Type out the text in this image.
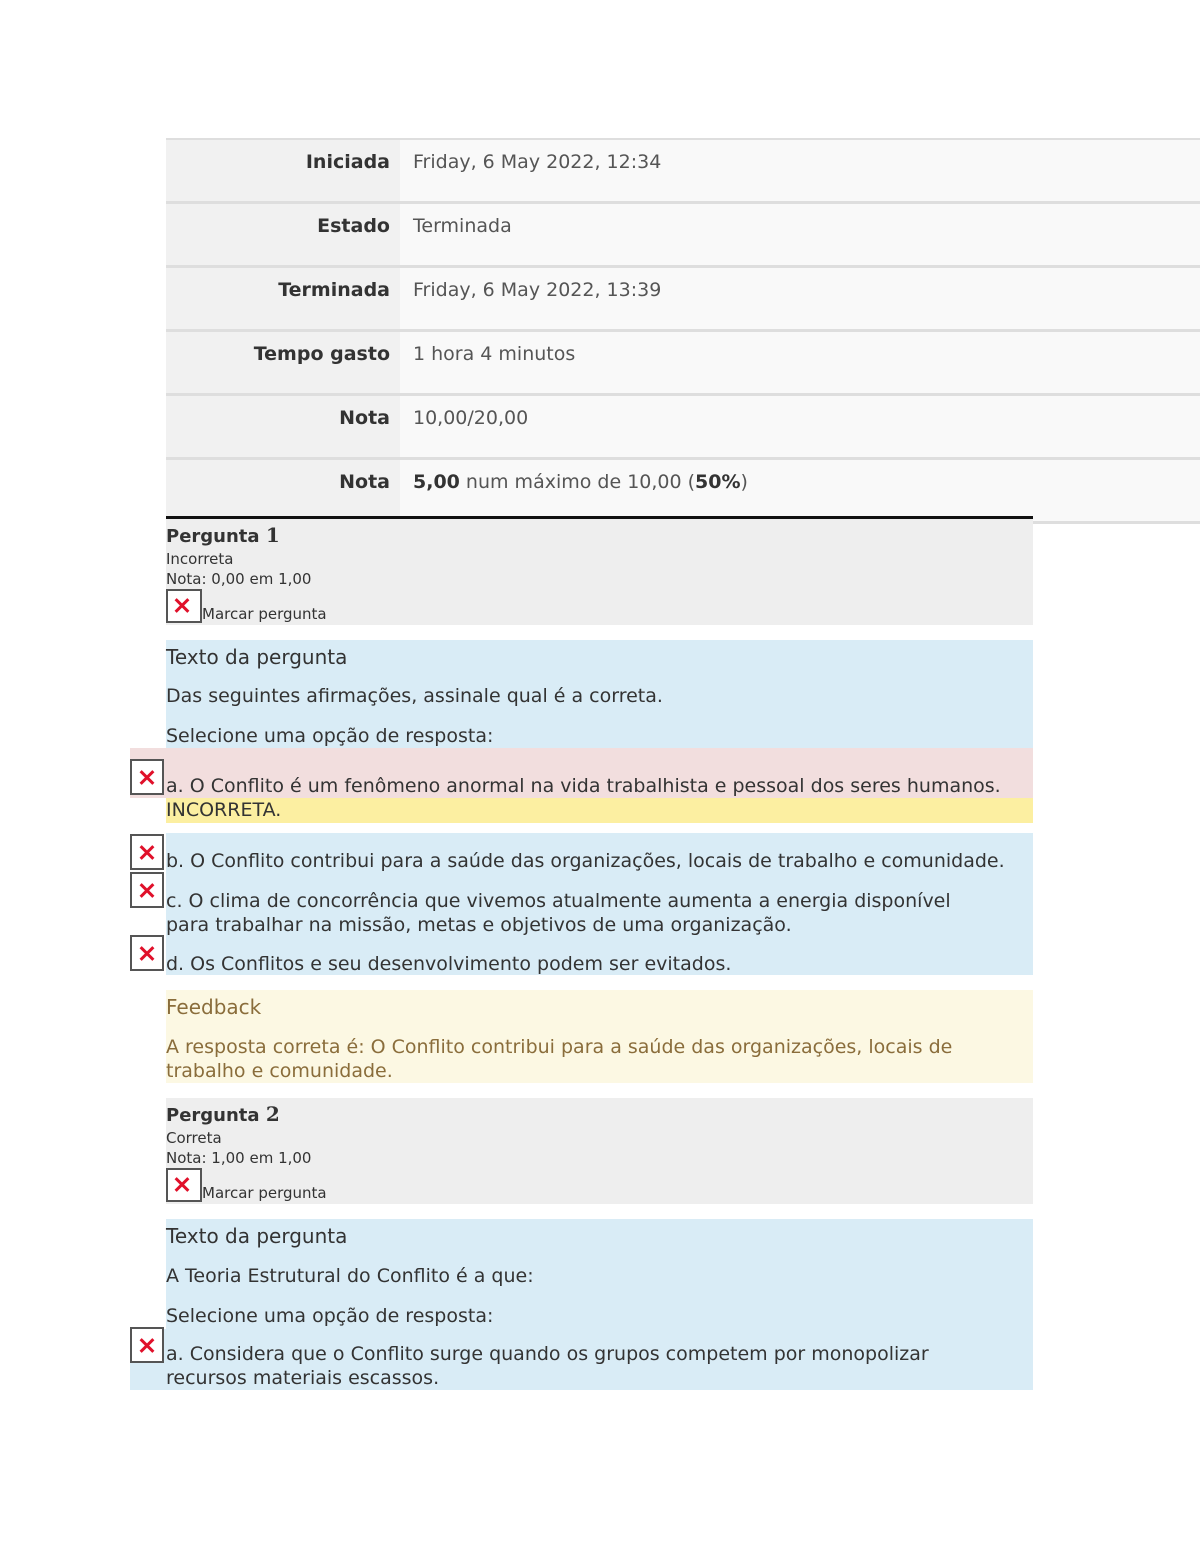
Iniciada	Friday, 6 May 2022, 12:34
Estado	Terminada
Terminada	Friday, 6 May 2022, 13:39
Tempo gasto	1 hora 4 minutos
Nota	10,00/20,00
Nota	5,00 num máximo de 10,00 (50%)
Pergunta 1
Incorreta
Nota: 0,00 em 1,00
Marcar pergunta
Texto da pergunta
Das seguintes afirmações, assinale qual é a correta.
Selecione uma opção de resposta:
a. O Conflito é um fenômeno anormal na vida trabalhista e pessoal dos seres humanos.
INCORRETA.
b. O Conflito contribui para a saúde das organizações, locais de trabalho e comunidade.
c. O clima de concorrência que vivemos atualmente aumenta a energia disponível para trabalhar na missão, metas e objetivos de uma organização.
d. Os Conflitos e seu desenvolvimento podem ser evitados.
Feedback
A resposta correta é: O Conflito contribui para a saúde das organizações, locais de trabalho e comunidade.
Pergunta 2
Correta
Nota: 1,00 em 1,00
Marcar pergunta
Texto da pergunta
A Teoria Estrutural do Conflito é a que:
Selecione uma opção de resposta:
a. Considera que o Conflito surge quando os grupos competem por monopolizar recursos materiais escassos.
